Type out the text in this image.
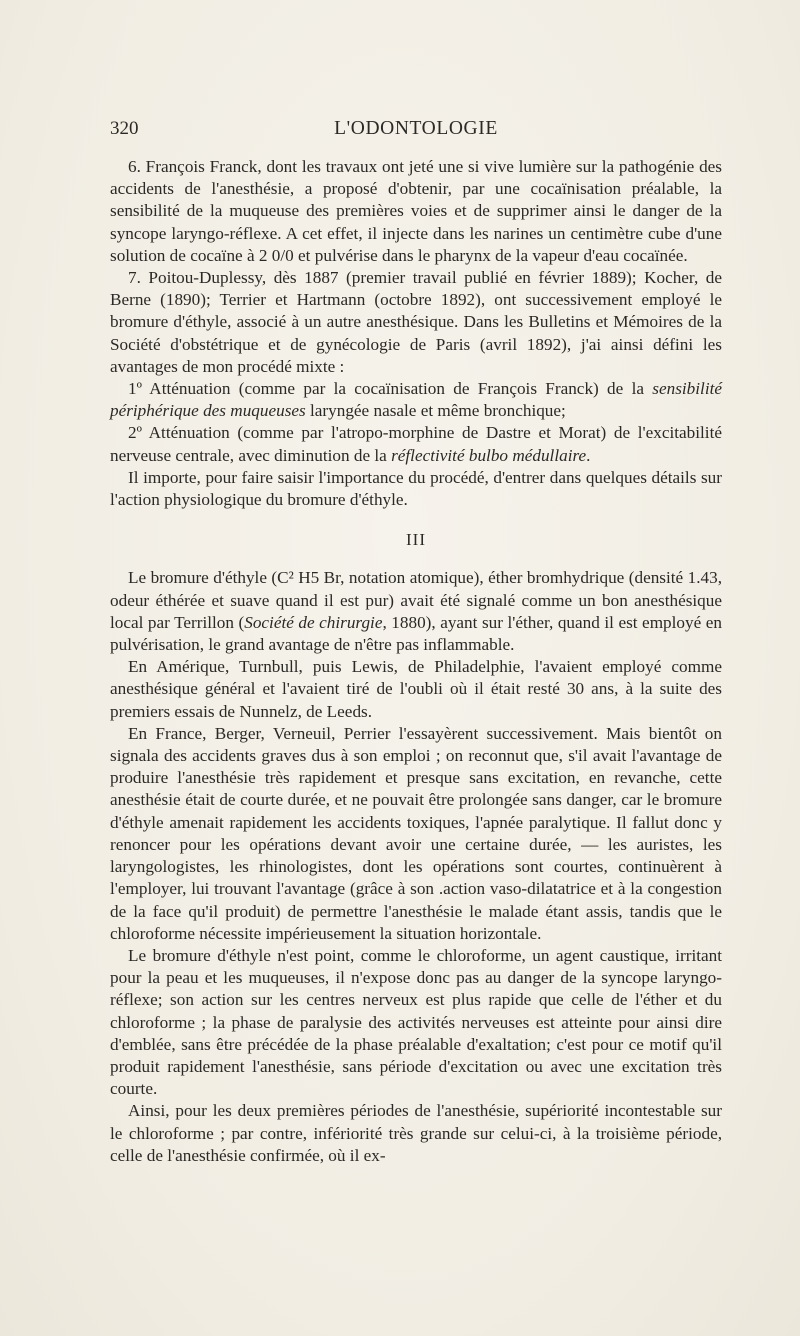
320	L'ODONTOLOGIE

6. François Franck, dont les travaux ont jeté une si vive lumière sur la pathogénie des accidents de l'anesthésie, a proposé d'obtenir, par une cocaïnisation préalable, la sensibilité de la muqueuse des premières voies et de supprimer ainsi le danger de la syncope laryngo-réflexe. A cet effet, il injecte dans les narines un centimètre cube d'une solution de cocaïne à 2 0/0 et pulvérise dans le pharynx de la vapeur d'eau cocaïnée.

7. Poitou-Duplessy, dès 1887 (premier travail publié en février 1889); Kocher, de Berne (1890); Terrier et Hartmann (octobre 1892), ont successivement employé le bromure d'éthyle, associé à un autre anesthésique. Dans les Bulletins et Mémoires de la Société d'obstétrique et de gynécologie de Paris (avril 1892), j'ai ainsi défini les avantages de mon procédé mixte :

1º Atténuation (comme par la cocaïnisation de François Franck) de la sensibilité périphérique des muqueuses laryngée nasale et même bronchique;

2º Atténuation (comme par l'atropo-morphine de Dastre et Morat) de l'excitabilité nerveuse centrale, avec diminution de la réflectivité bulbo médullaire.

Il importe, pour faire saisir l'importance du procédé, d'entrer dans quelques détails sur l'action physiologique du bromure d'éthyle.

III

Le bromure d'éthyle (C² H5 Br, notation atomique), éther bromhydrique (densité 1.43, odeur éthérée et suave quand il est pur) avait été signalé comme un bon anesthésique local par Terrillon (Société de chirurgie, 1880), ayant sur l'éther, quand il est employé en pulvérisation, le grand avantage de n'être pas inflammable.

En Amérique, Turnbull, puis Lewis, de Philadelphie, l'avaient employé comme anesthésique général et l'avaient tiré de l'oubli où il était resté 30 ans, à la suite des premiers essais de Nunnelz, de Leeds.

En France, Berger, Verneuil, Perrier l'essayèrent successivement. Mais bientôt on signala des accidents graves dus à son emploi ; on reconnut que, s'il avait l'avantage de produire l'anesthésie très rapidement et presque sans excitation, en revanche, cette anesthésie était de courte durée, et ne pouvait être prolongée sans danger, car le bromure d'éthyle amenait rapidement les accidents toxiques, l'apnée paralytique. Il fallut donc y renoncer pour les opérations devant avoir une certaine durée, — les auristes, les laryngologistes, les rhinologistes, dont les opérations sont courtes, continuèrent à l'employer, lui trouvant l'avantage (grâce à son .action vaso-dilatatrice et à la congestion de la face qu'il produit) de permettre l'anesthésie le malade étant assis, tandis que le chloroforme nécessite impérieusement la situation horizontale.

Le bromure d'éthyle n'est point, comme le chloroforme, un agent caustique, irritant pour la peau et les muqueuses, il n'expose donc pas au danger de la syncope laryngo-réflexe; son action sur les centres nerveux est plus rapide que celle de l'éther et du chloroforme ; la phase de paralysie des activités nerveuses est atteinte pour ainsi dire d'emblée, sans être précédée de la phase préalable d'exaltation; c'est pour ce motif qu'il produit rapidement l'anesthésie, sans période d'excitation ou avec une excitation très courte.

Ainsi, pour les deux premières périodes de l'anesthésie, supériorité incontestable sur le chloroforme ; par contre, infériorité très grande sur celui-ci, à la troisième période, celle de l'anesthésie confirmée, où il ex-
